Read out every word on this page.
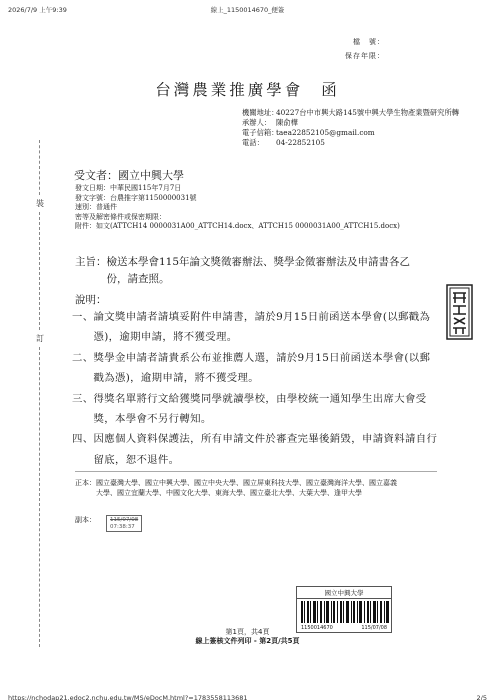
2026/7/9 上午9:39	線上_1150014670_便簽
檔　號：
保存年限：
台灣農業推廣學會 函
機關地址：
40227台中市興大路145號中興大學生物產業暨研究所轉
承辦人： 陳俞樺
電子信箱：
taea22852105@gmail.com
電話：	04-22852105
受文者：國立中興大學
發文日期： 中華民國115年7月7日
發文字號： 台農推字第1150000031號
速別： 普通件
密等及解密條件或保密期限：
附件： 如文(ATTCH14 0000031A00_ATTCH14.docx、ATTCH15 0000031A00_ATTCH15.docx)
裝
訂
主旨： 檢送本學會115年論文獎徵審辦法、獎學金徵審辦法及申請書各乙份，請查照。
說明：
一、 論文獎申請者請填妥附件申請書，請於9月15日前函送本學會(以郵戳為憑)，逾期申請，將不獲受理。
二、 獎學金申請者請貴系公布並推薦人選，請於9月15日前函送本學會(以郵戳為憑)，逾期申請，將不獲受理。
三、 得獎名單將行文給獲獎同學就讀學校，由學校統一通知學生出席大會受獎，本學會不另行轉知。
四、 因應個人資料保護法，所有申請文件於審查完畢後銷毀，申請資料請自行留底，恕不退件。
正本： 國立臺灣大學、國立中興大學、國立中央大學、國立屏東科技大學、國立臺灣海洋大學、國立嘉義大學、國立宜蘭大學、中國文化大學、東海大學、國立臺北大學、大葉大學、逢甲大學
副本：	115/07/08
07:38:37
國立中興大學
1150014670	115/07/08
第1頁，共4頁
線上簽核文件列印 - 第2頁/共5頁
https://nchodap21.edoc2.nchu.edu.tw/MS/eDocM.html?=1783558113681	2/5
